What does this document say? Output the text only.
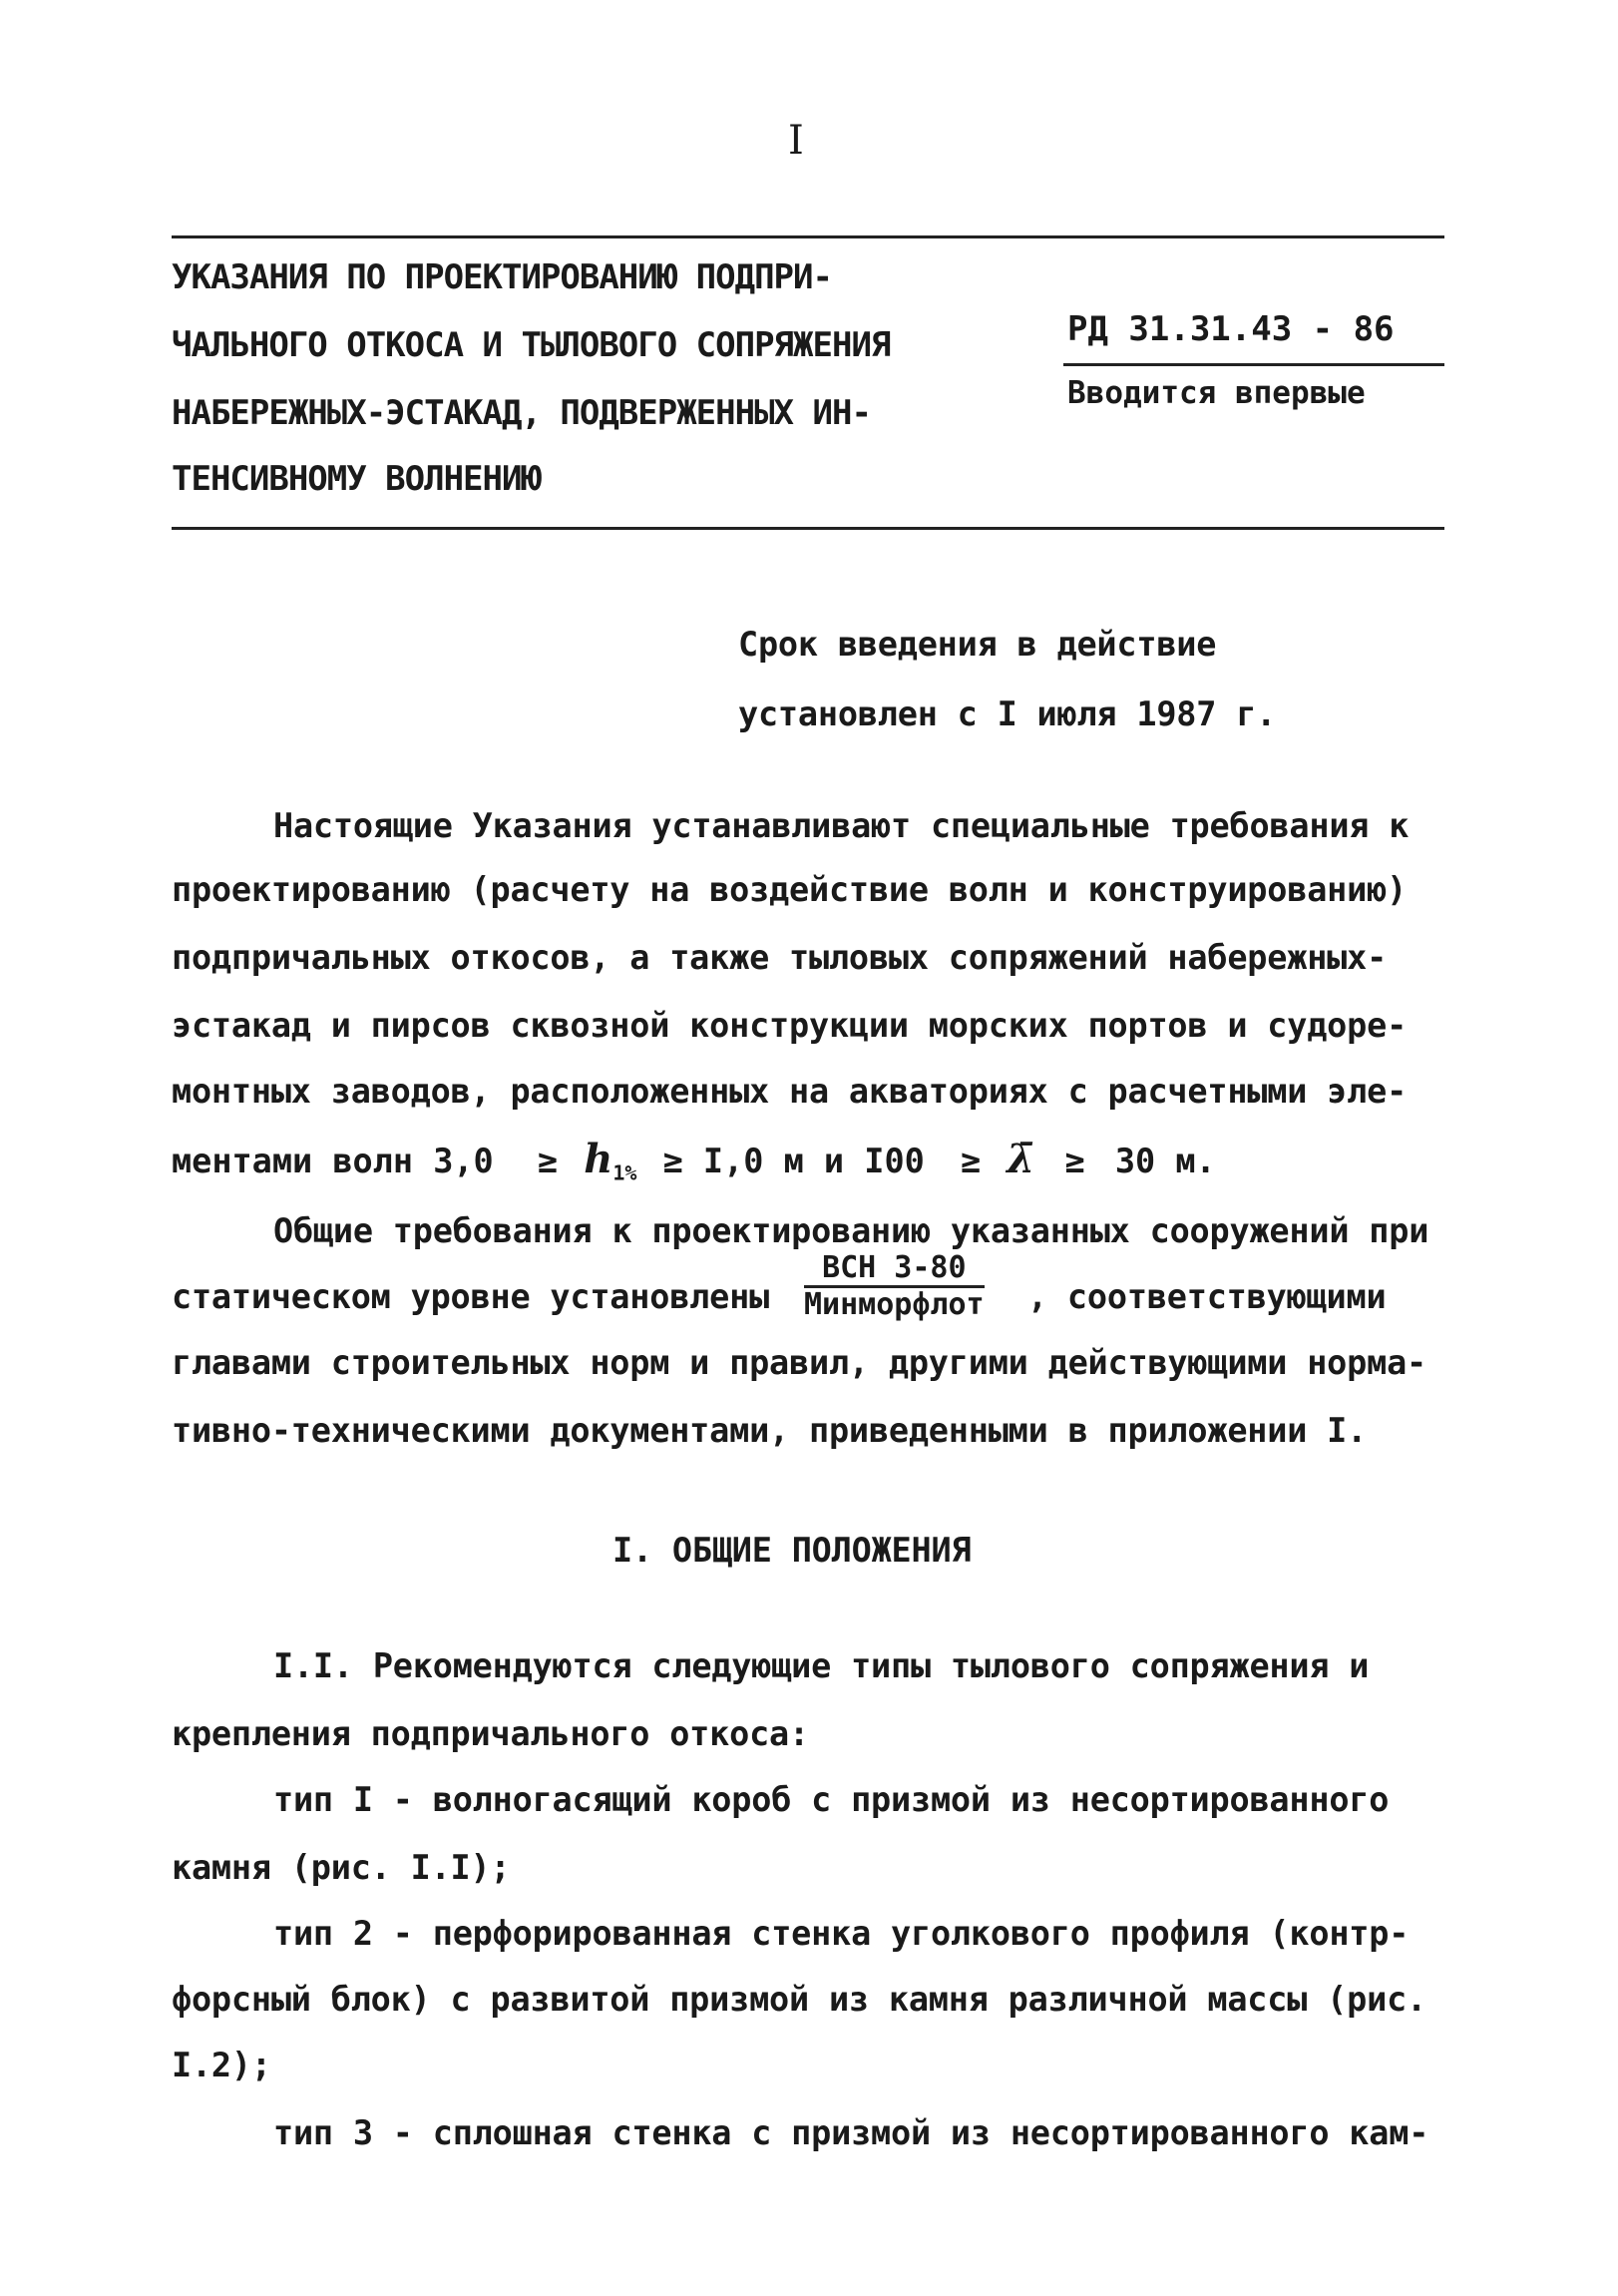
I
УКАЗАНИЯ ПО ПРОЕКТИРОВАНИЮ ПОДПРИ-
ЧАЛЬНОГО ОТКОСА И ТЫЛОВОГО СОПРЯЖЕНИЯ
НАБЕРЕЖНЫХ-ЭСТАКАД, ПОДВЕРЖЕННЫХ ИН-
ТЕНСИВНОМУ ВОЛНЕНИЮ
РД 31.31.43 - 86
Вводится впервые
Срок введения в действие
установлен с I июля 1987 г.
Настоящие Указания устанавливают специальные требования к
проектированию (расчету на воздействие волн и конструированию)
подпричальных откосов, а также тыловых сопряжений набережных-
эстакад и пирсов сквозной конструкции морских портов и судоре-
монтных заводов, расположенных на акваториях с расчетными эле-
ментами волн $3,0 \ge h_{1\%} \ge I,0$ м и I00 ≥ λ̄ ≥ 30 м.
Общие требования к проектированию указанных сооружений при
статическом уровне установлены
ВСН 3-80
Минморфлот , соответствующими
главами строительных норм и правил, другими действующими норма-
тивно-техническими документами, приведенными в приложении I.
I. ОБЩИЕ ПОЛОЖЕНИЯ
I.I. Рекомендуются следующие типы тылового сопряжения и
крепления подпричального откоса:
тип I - волногасящий короб с призмой из несортированного
камня (рис. I.I);
тип 2 - перфорированная стенка уголкового профиля (контр-
форсный блок) с развитой призмой из камня различной массы (рис.
I.2);
тип 3 - сплошная стенка с призмой из несортированного кам-
